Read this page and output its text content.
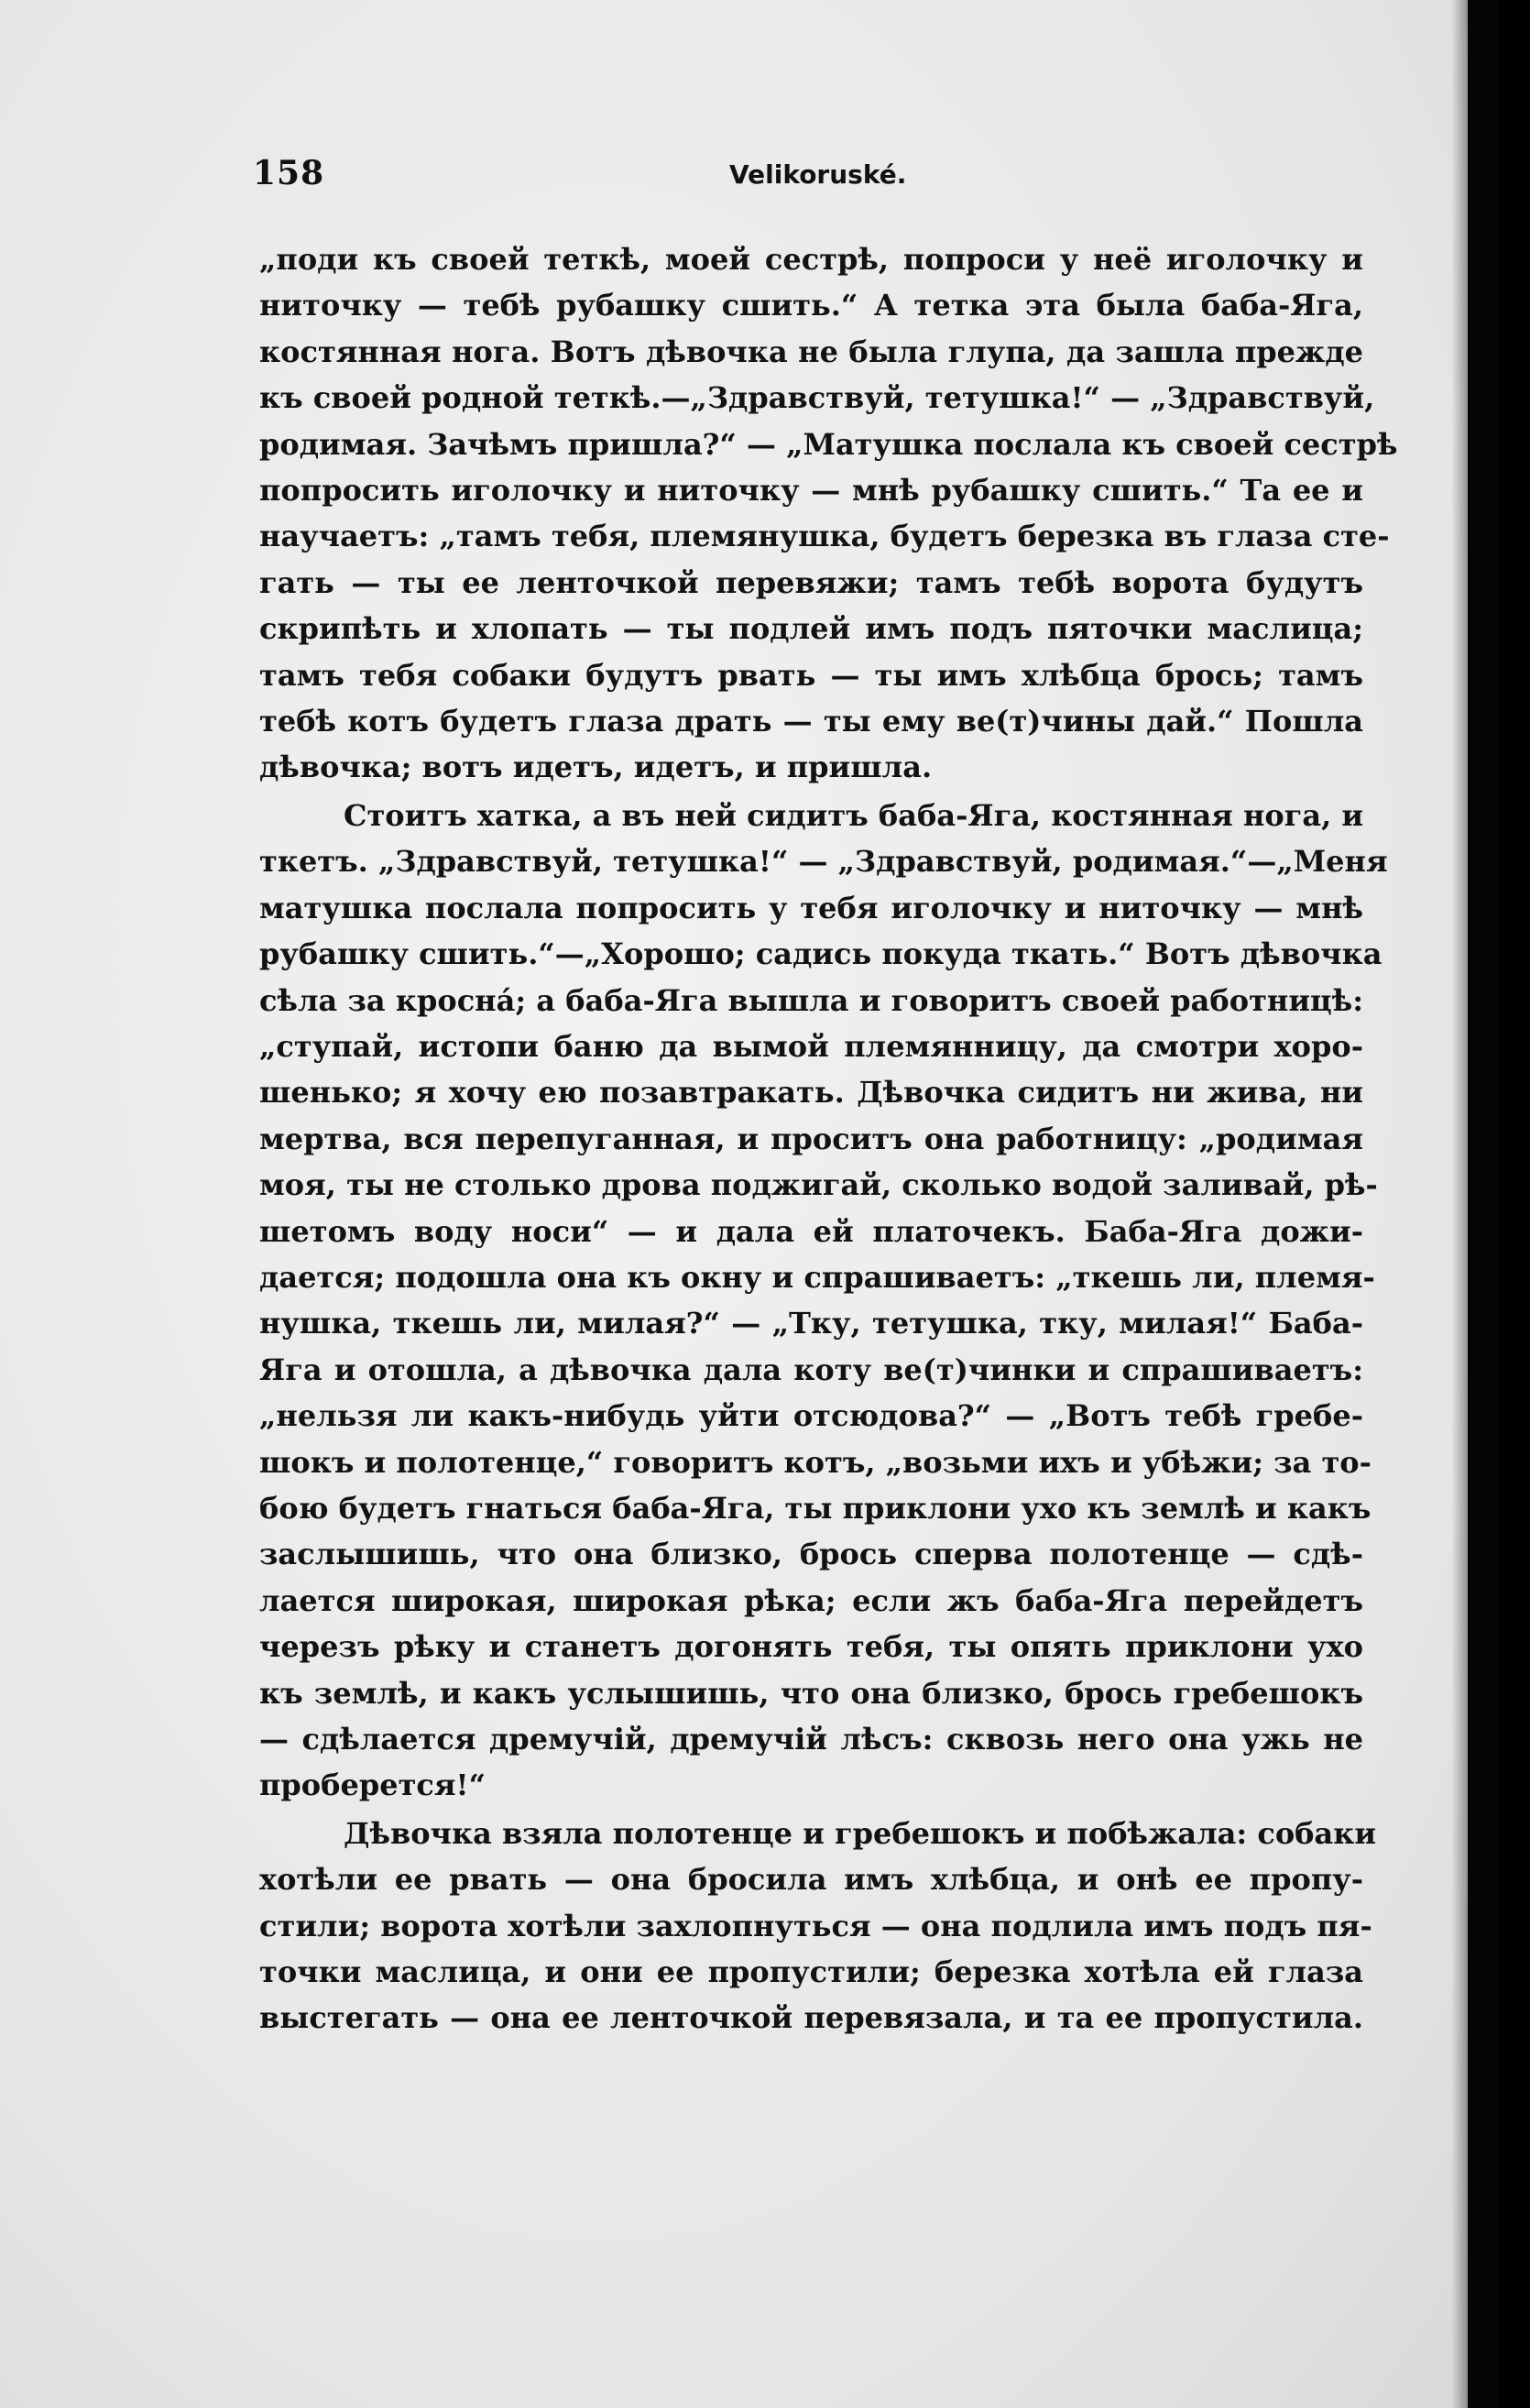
158	Velikoruské.
„поди къ своей теткѣ, моей сестрѣ, попроси у неё иголочку и
ниточку — тебѣ рубашку сшить.“ А тетка эта была баба-Яга,
костянная нога. Вотъ дѣвочка не была глупа, да зашла прежде
къ своей родной теткѣ.—„Здравствуй, тетушка!“ — „Здравствуй,
родимая. Зачѣмъ пришла?“ — „Матушка послала къ своей сестрѣ
попросить иголочку и ниточку — мнѣ рубашку сшить.“ Та ее и
научаетъ: „тамъ тебя, племянушка, будетъ березка въ глаза сте-
гать — ты ее ленточкой перевяжи; тамъ тебѣ ворота будутъ
скрипѣть и хлопать — ты подлей имъ подъ пяточки маслица;
тамъ тебя собаки будутъ рвать — ты имъ хлѣбца брось; тамъ
тебѣ котъ будетъ глаза драть — ты ему ве(т)чины дай.“ Пошла
дѣвочка; вотъ идетъ, идетъ, и пришла.
Стоитъ хатка, а въ ней сидитъ баба-Яга, костянная нога, и
ткетъ. „Здравствуй, тетушка!“ — „Здравствуй, родимая.“—„Меня
матушка послала попросить у тебя иголочку и ниточку — мнѣ
рубашку сшить.“—„Хорошо; садись покуда ткать.“ Вотъ дѣвочка
сѣла за кросна́; а баба-Яга вышла и говоритъ своей работницѣ:
„ступай, истопи баню да вымой племянницу, да смотри хоро-
шенько; я хочу ею позавтракать. Дѣвочка сидитъ ни жива, ни
мертва, вся перепуганная, и проситъ она работницу: „родимая
моя, ты не столько дрова поджигай, сколько водой заливай, рѣ-
шетомъ воду носи“ — и дала ей платочекъ. Баба-Яга дожи-
дается; подошла она къ окну и спрашиваетъ: „ткешь ли, племя-
нушка, ткешь ли, милая?“ — „Тку, тетушка, тку, милая!“ Баба-
Яга и отошла, а дѣвочка дала коту ве(т)чинки и спрашиваетъ:
„нельзя ли какъ-нибудь уйти отсюдова?“ — „Вотъ тебѣ гребе-
шокъ и полотенце,“ говоритъ котъ, „возьми ихъ и убѣжи; за то-
бою будетъ гнаться баба-Яга, ты приклони ухо къ землѣ и какъ
заслышишь, что она близко, брось сперва полотенце — сдѣ-
лается широкая, широкая рѣка; если жъ баба-Яга перейдетъ
черезъ рѣку и станетъ догонять тебя, ты опять приклони ухо
къ землѣ, и какъ услышишь, что она близко, брось гребешокъ
— сдѣлается дремучій, дремучій лѣсъ: сквозь него она ужь не
проберется!“
Дѣвочка взяла полотенце и гребешокъ и побѣжала: собаки
хотѣли ее рвать — она бросила имъ хлѣбца, и онѣ ее пропу-
стили; ворота хотѣли захлопнуться — она подлила имъ подъ пя-
точки маслица, и они ее пропустили; березка хотѣла ей глаза
выстегать — она ее ленточкой перевязала, и та ее пропустила.
